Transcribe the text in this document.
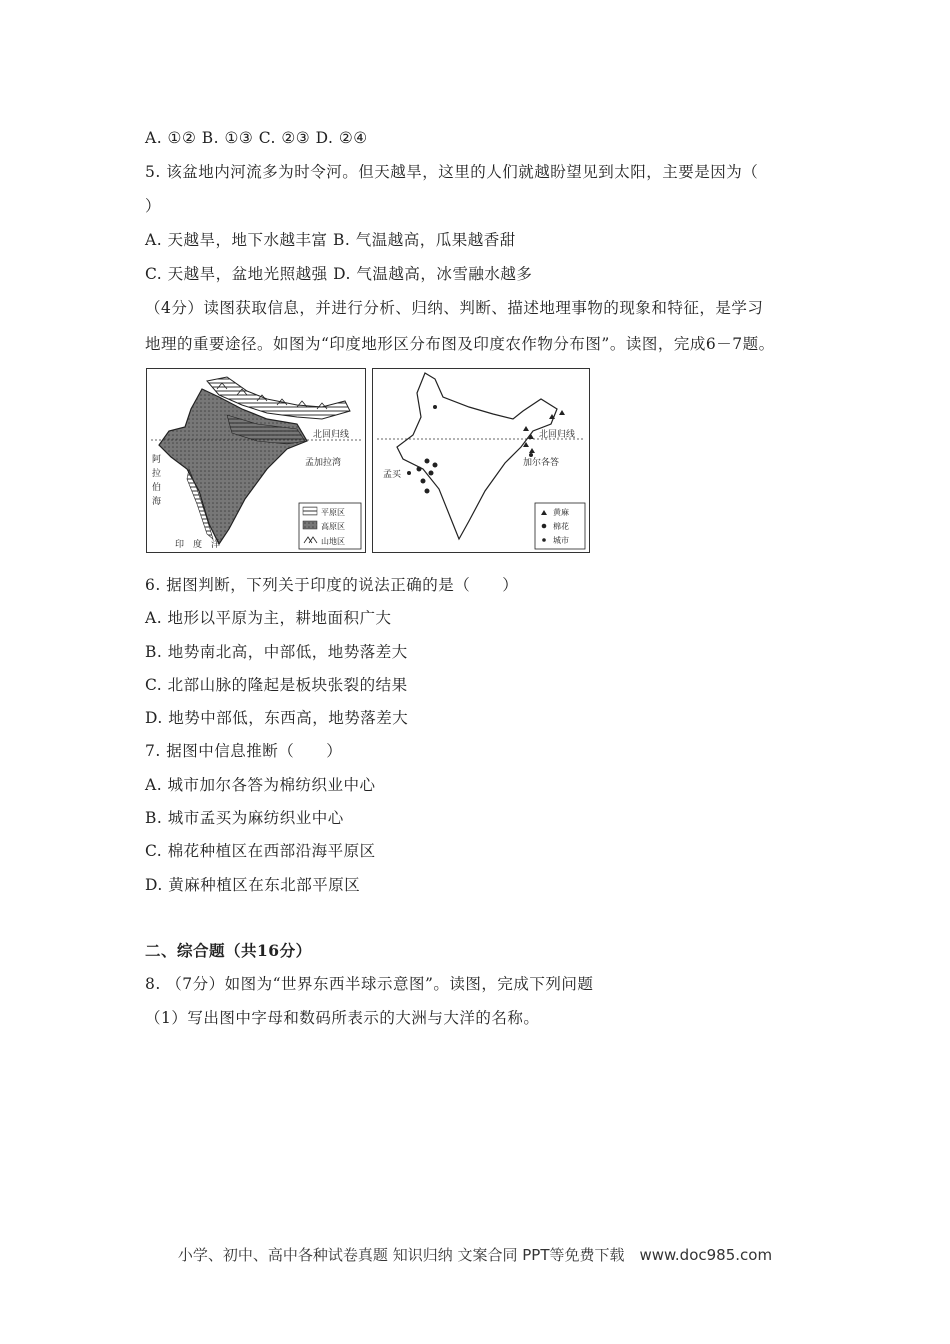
A. ①② B. ①③ C. ②③ D. ②④
5. 该盆地内河流多为时令河。但天越旱，这里的人们就越盼望见到太阳，主要是因为（
）
A. 天越旱，地下水越丰富 B. 气温越高，瓜果越香甜
C. 天越旱，盆地光照越强 D. 气温越高，冰雪融水越多
（4分）读图获取信息，并进行分析、归纳、判断、描述地理事物的现象和特征，是学习
地理的重要途径。如图为“印度地形区分布图及印度农作物分布图”。读图，完成6－7题。
北回归线
孟加拉湾
阿
拉
伯
海
印　度　洋
平原区
高原区
山地区
北回归线
孟买
加尔各答
黄麻
棉花
城市
6. 据图判断，下列关于印度的说法正确的是（　　）
A. 地形以平原为主，耕地面积广大
B. 地势南北高，中部低，地势落差大
C. 北部山脉的隆起是板块张裂的结果
D. 地势中部低，东西高，地势落差大
7. 据图中信息推断（　　）
A. 城市加尔各答为棉纺织业中心
B. 城市孟买为麻纺织业中心
C. 棉花种植区在西部沿海平原区
D. 黄麻种植区在东北部平原区
二、综合题（共16分）
8. （7分）如图为“世界东西半球示意图”。读图，完成下列问题
（1）写出图中字母和数码所表示的大洲与大洋的名称。
小学、初中、高中各种试卷真题 知识归纳 文案合同 PPT等免费下载　www.doc985.com
